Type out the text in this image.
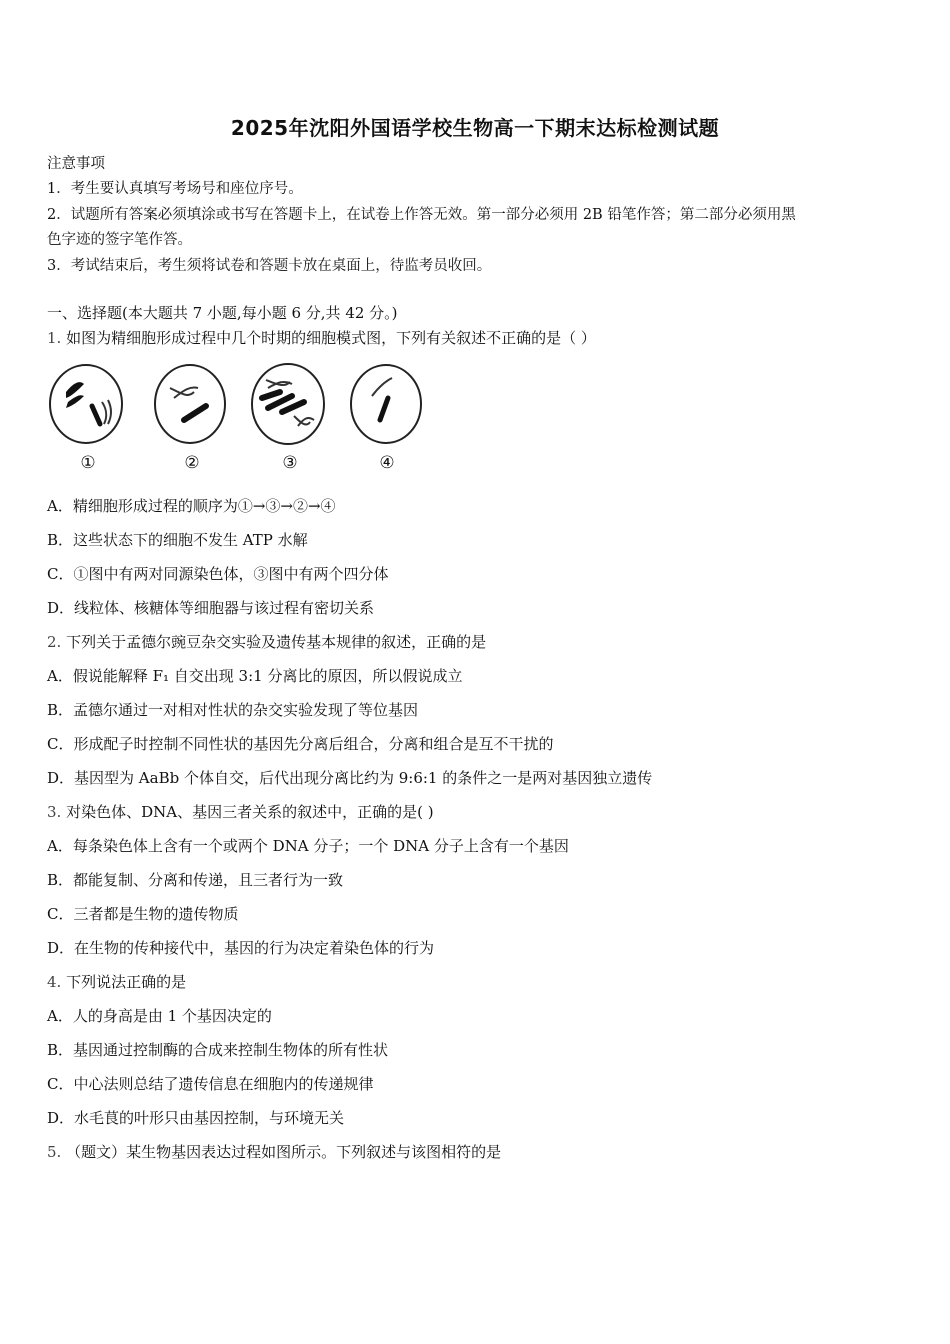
2025年沈阳外国语学校生物高一下期末达标检测试题
注意事项
1．考生要认真填写考场号和座位序号。
2．试题所有答案必须填涂或书写在答题卡上，在试卷上作答无效。第一部分必须用 2B 铅笔作答；第二部分必须用黑
色字迹的签字笔作答。
3．考试结束后，考生须将试卷和答题卡放在桌面上，待监考员收回。
一、选择题(本大题共 7 小题,每小题 6 分,共 42 分。)
1. 如图为精细胞形成过程中几个时期的细胞模式图，下列有关叙述不正确的是（ ）
①	②	③	④
A．精细胞形成过程的顺序为①→③→②→④
B．这些状态下的细胞不发生 ATP 水解
C．①图中有两对同源染色体，③图中有两个四分体
D．线粒体、核糖体等细胞器与该过程有密切关系
2. 下列关于孟德尔豌豆杂交实验及遗传基本规律的叙述，正确的是
A．假说能解释 F₁ 自交出现 3:1 分离比的原因，所以假说成立
B．孟德尔通过一对相对性状的杂交实验发现了等位基因
C．形成配子时控制不同性状的基因先分离后组合，分离和组合是互不干扰的
D．基因型为 AaBb 个体自交，后代出现分离比约为 9:6:1 的条件之一是两对基因独立遗传
3. 对染色体、DNA、基因三者关系的叙述中，正确的是( )
A．每条染色体上含有一个或两个 DNA 分子；一个 DNA 分子上含有一个基因
B．都能复制、分离和传递，且三者行为一致
C．三者都是生物的遗传物质
D．在生物的传种接代中，基因的行为决定着染色体的行为
4. 下列说法正确的是
A．人的身高是由 1 个基因决定的
B．基因通过控制酶的合成来控制生物体的所有性状
C．中心法则总结了遗传信息在细胞内的传递规律
D．水毛茛的叶形只由基因控制，与环境无关
5. （题文）某生物基因表达过程如图所示。下列叙述与该图相符的是
